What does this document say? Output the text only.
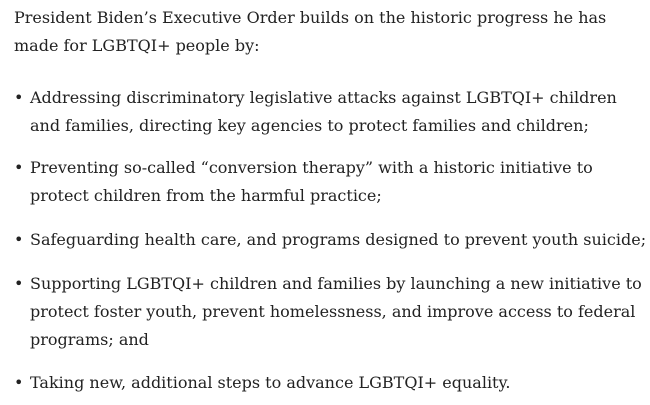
President Biden’s Executive Order builds on the historic progress he has made for LGBTQI+ people by:

• Addressing discriminatory legislative attacks against LGBTQI+ children and families, directing key agencies to protect families and children;
• Preventing so-called “conversion therapy” with a historic initiative to protect children from the harmful practice;
• Safeguarding health care, and programs designed to prevent youth suicide;
• Supporting LGBTQI+ children and families by launching a new initiative to protect foster youth, prevent homelessness, and improve access to federal programs; and
• Taking new, additional steps to advance LGBTQI+ equality.
